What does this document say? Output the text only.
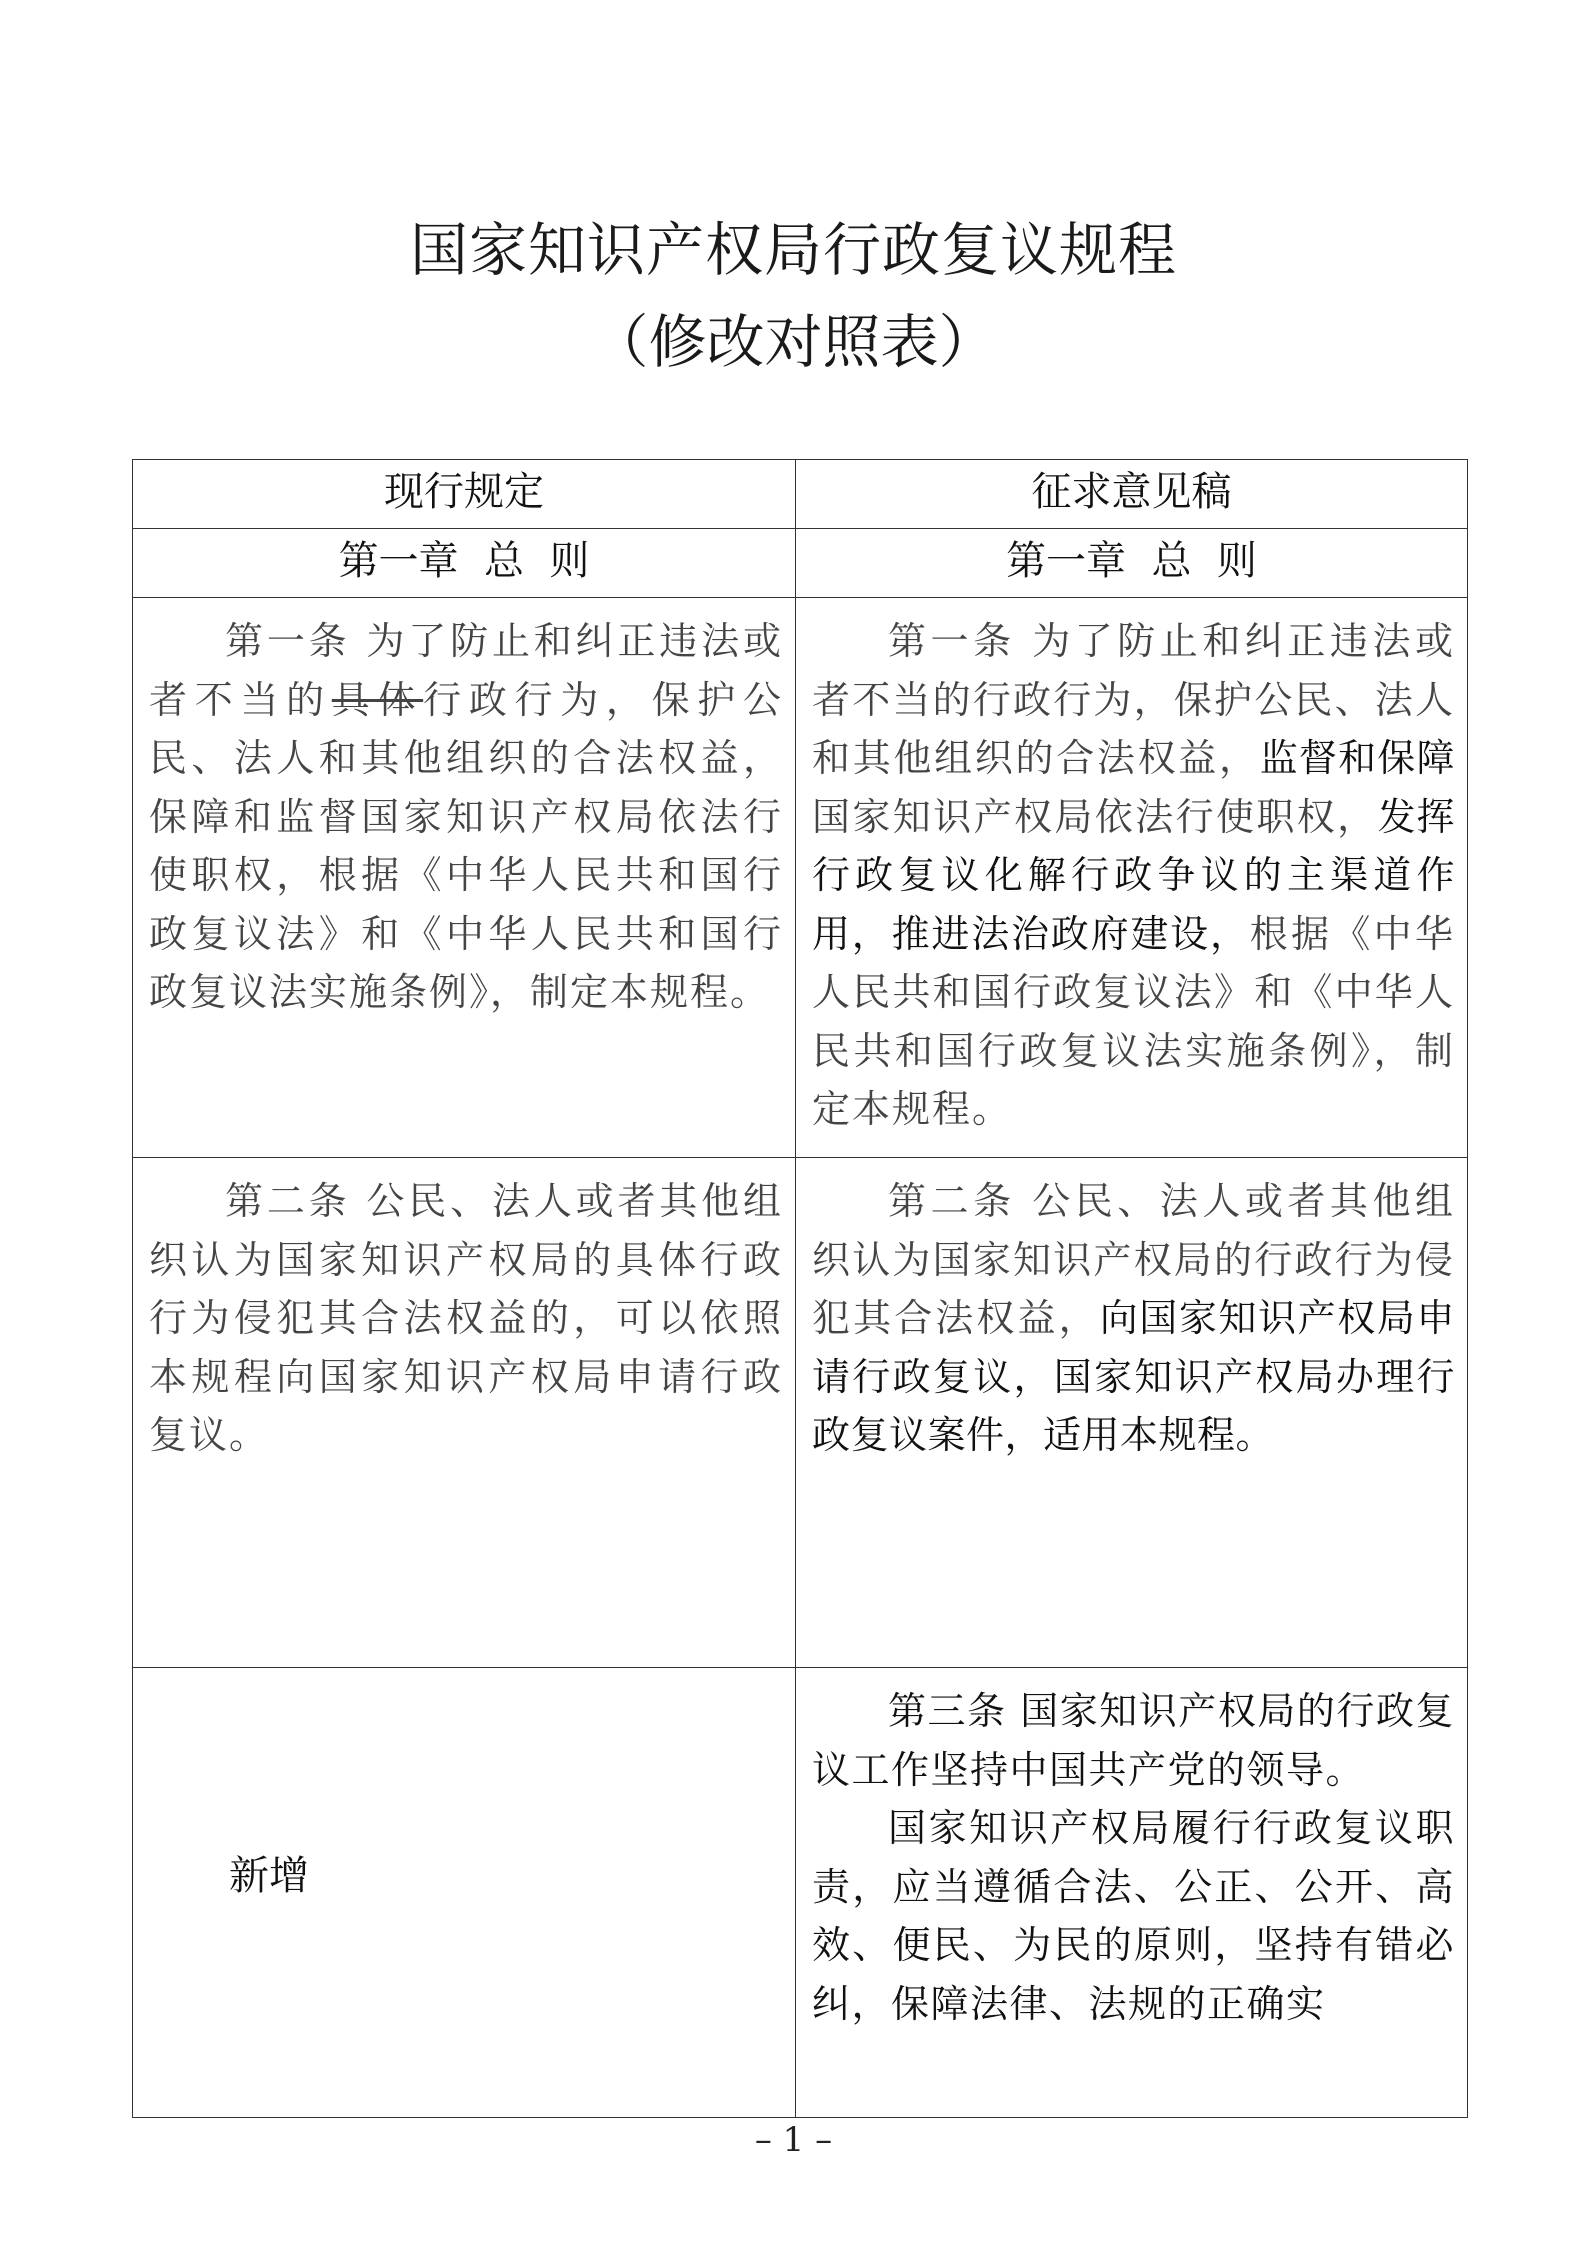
国家知识产权局行政复议规程
（修改对照表）
现行规定	征求意见稿
第一章  总  则	第一章  总  则

第一条 为了防止和纠正违法或者不当的具体行政行为，保护公民、法人和其他组织的合法权益，保障和监督国家知识产权局依法行使职权，根据《中华人民共和国行政复议法》和《中华人民共和国行政复议法实施条例》，制定本规程。	第一条 为了防止和纠正违法或者不当的行政行为，保护公民、法人和其他组织的合法权益，监督和保障国家知识产权局依法行使职权，发挥行政复议化解行政争议的主渠道作用，推进法治政府建设，根据《中华人民共和国行政复议法》和《中华人民共和国行政复议法实施条例》，制定本规程。

第二条 公民、法人或者其他组织认为国家知识产权局的具体行政行为侵犯其合法权益的，可以依照本规程向国家知识产权局申请行政复议。	第二条 公民、法人或者其他组织认为国家知识产权局的行政行为侵犯其合法权益，向国家知识产权局申请行政复议，国家知识产权局办理行政复议案件，适用本规程。

新增	第三条 国家知识产权局的行政复议工作坚持中国共产党的领导。
国家知识产权局履行行政复议职责，应当遵循合法、公正、公开、高效、便民、为民的原则，坚持有错必纠，保障法律、法规的正确实
– 1 –
